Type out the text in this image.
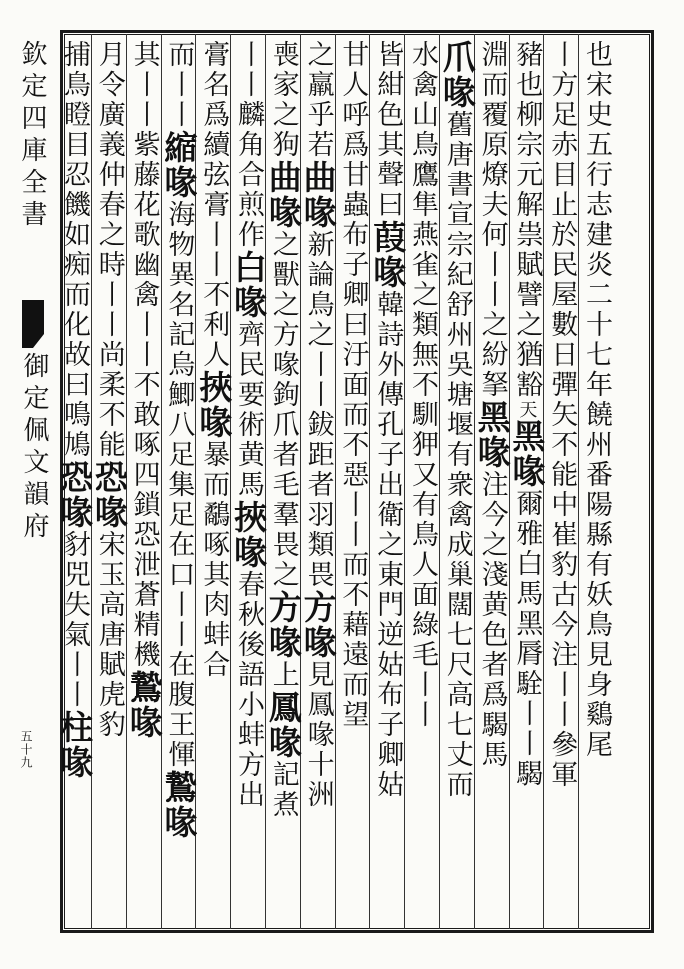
欽定四庫全書
御定佩文韻府
五十九	也宋史五行志建炎二十七年饒州番陽縣有妖鳥見身鷄尾
丨方足赤目止於民屋數日彈矢不能中崔豹古今注丨丨參軍
豬也柳宗元解祟賦譬之猶豁天黑喙爾雅白馬黑脣駩丨丨騔
淵而覆原燎夫何丨丨之紛拏黑喙注今之淺黄色者爲騔馬
爪喙舊唐書宣宗紀舒州吳塘堰有衆禽成巢闊七尺高七丈而
水禽山鳥鷹隼燕雀之類無不馴狎又有鳥人面綠毛丨丨
皆紺色其聲曰葭喙韓詩外傳孔子出衛之東門逆姑布子卿姑
甘人呼爲甘蟲布子卿曰汙面而不惡丨丨而不藉遠而望
之羸乎若曲喙新論鳥之丨丨鈸距者羽類畏方喙見鳳喙十洲
喪家之狗曲喙之獸之方喙鉤爪者毛羣畏之方喙上鳳喙記煮
丨丨麟角合煎作白喙齊民要術黄馬挾喙春秋後語小蚌方出
膏名爲續弦膏丨丨不利人挾喙暴而鷸啄其肉蚌合
而丨丨縮喙海物異名記烏鯽八足集足在口丨丨在腹王惲鷙喙
其丨丨紫藤花歌幽禽丨丨不敢啄四鎖恐泄蒼精機鷙喙
月令廣義仲春之時丨丨尚柔不能恐喙宋玉高唐賦虎豹
捕鳥瞪目忍饑如痴而化故曰鳴鳩恐喙豺兕失氣丨丨柱喙
